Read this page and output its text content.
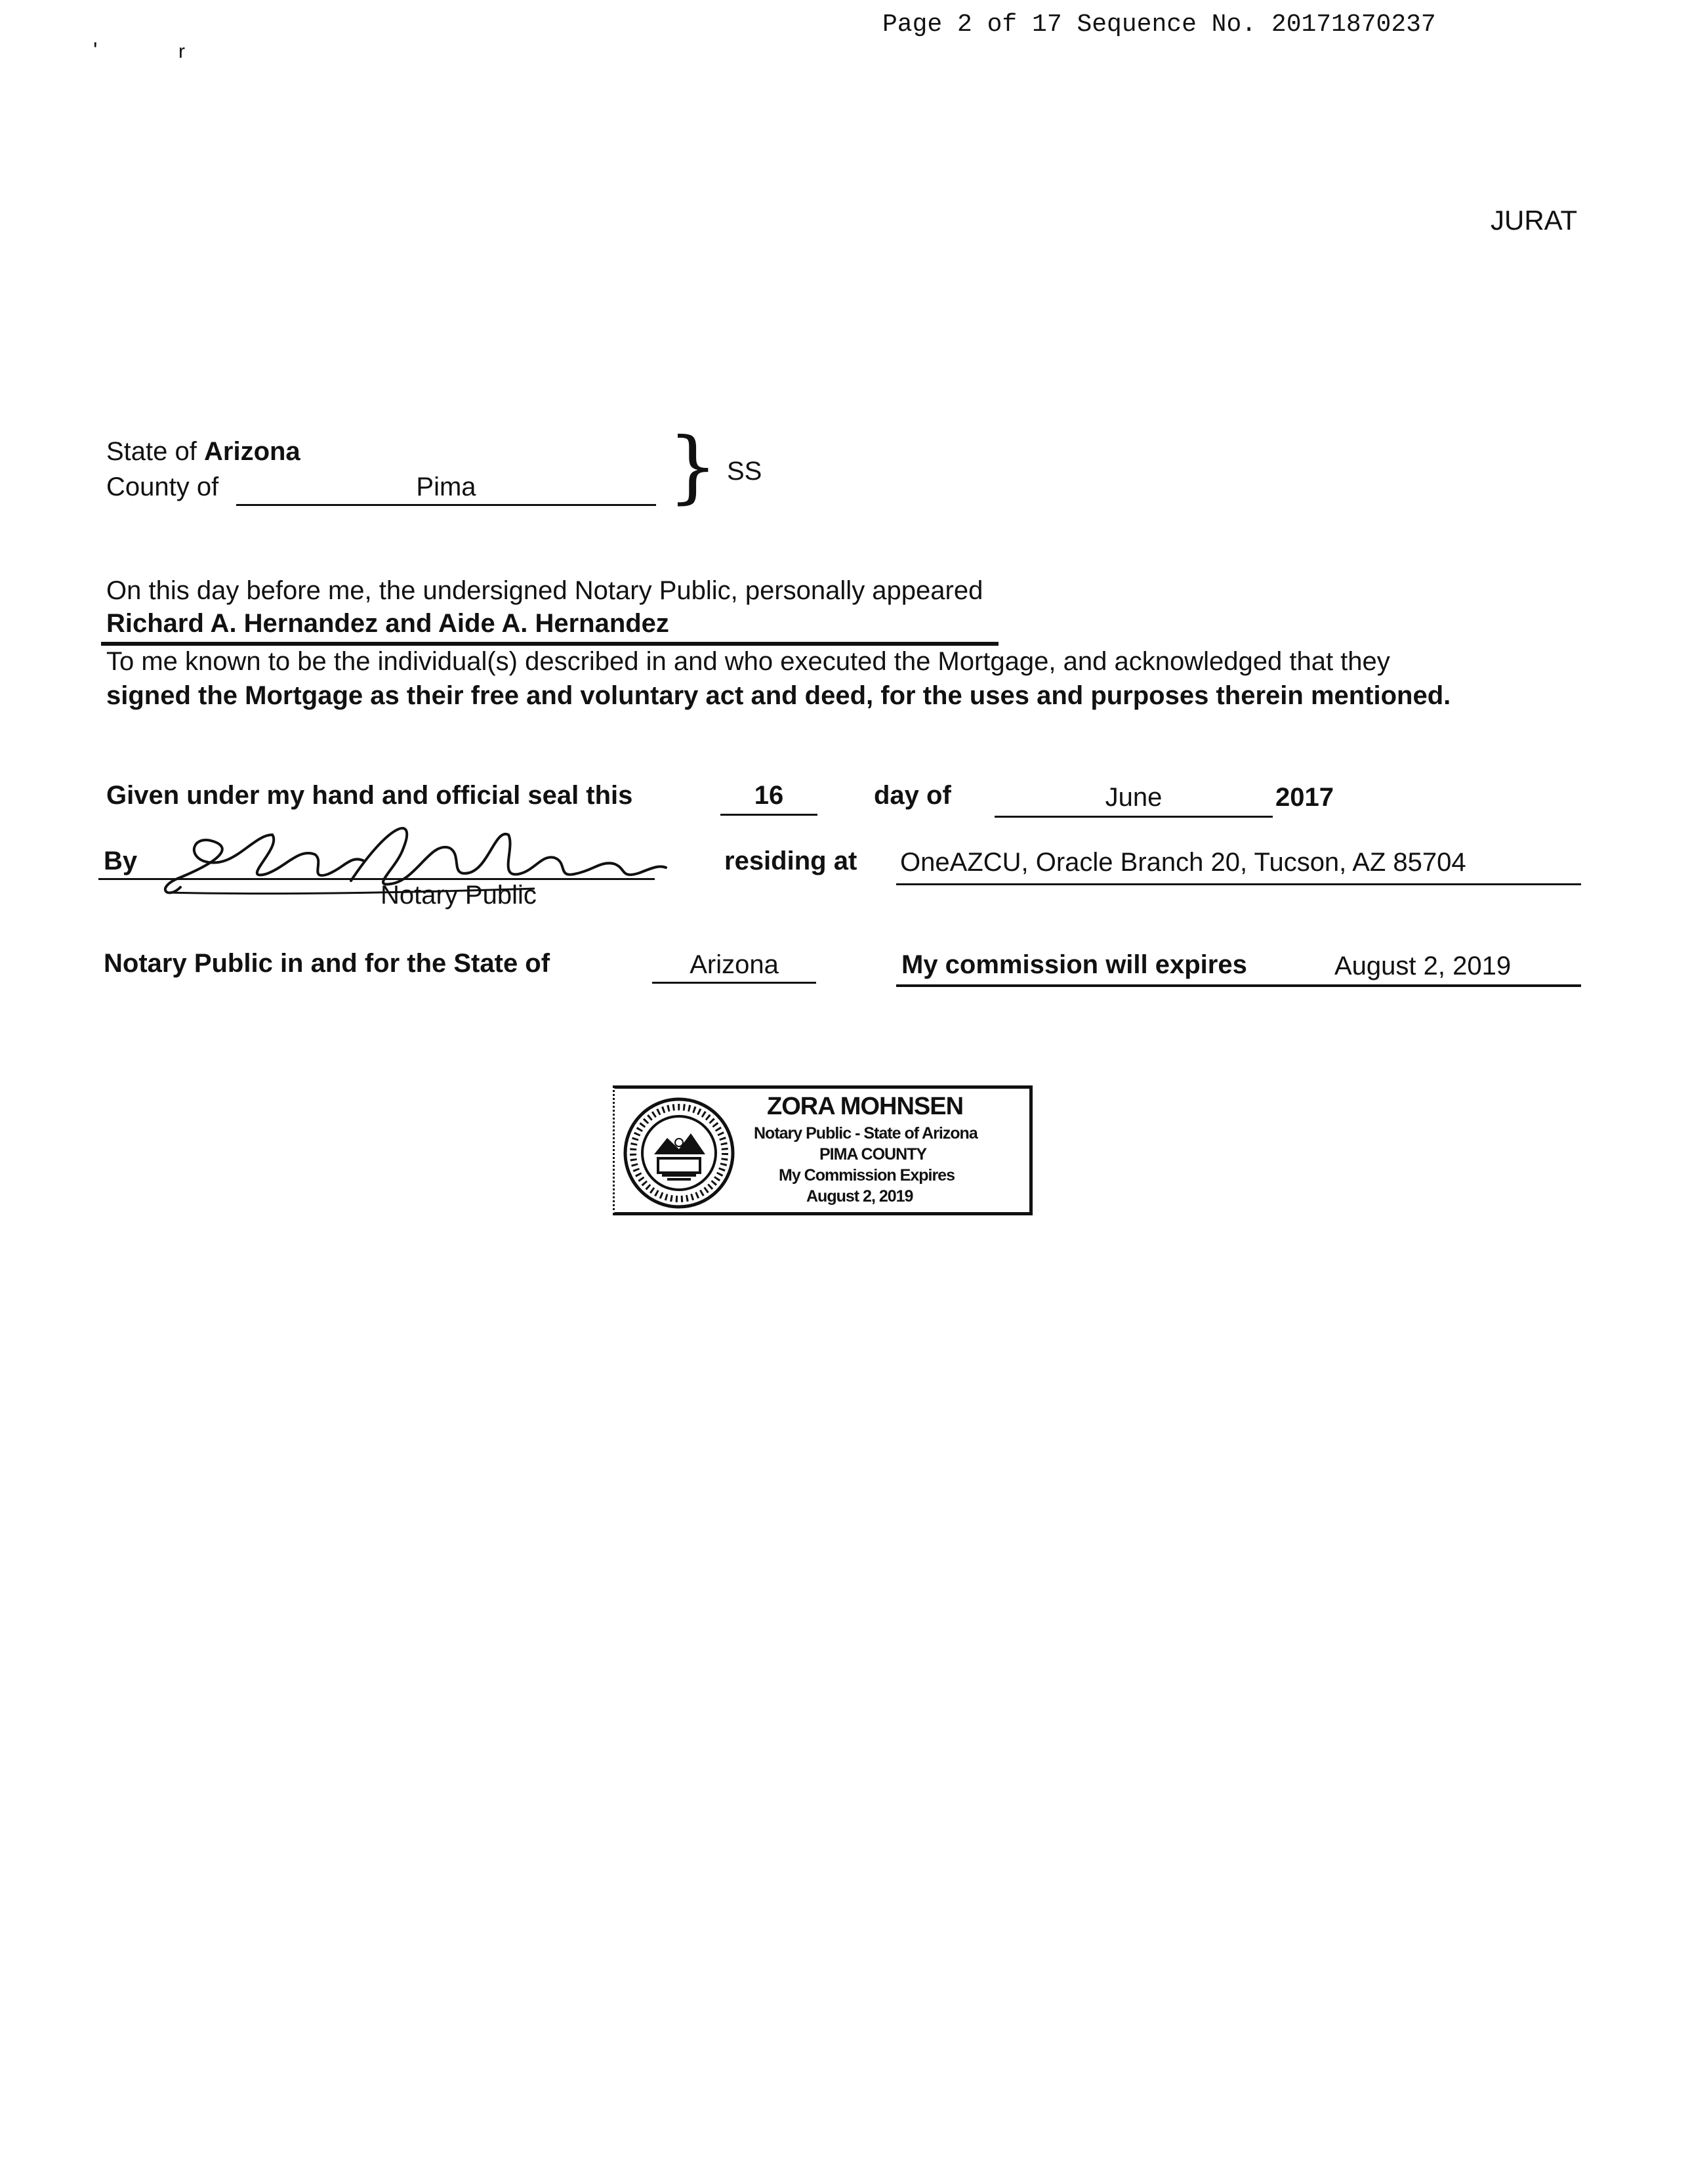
Page 2 of 17 Sequence No. 20171870237
'	r
JURAT
State of Arizona
County of	Pima	} SS
On this day before me, the undersigned Notary Public, personally appeared
Richard A. Hernandez and Aide A. Hernandez
To me known to be the individual(s) described in and who executed the Mortgage, and acknowledged that they
signed the Mortgage as their free and voluntary act and deed, for the uses and purposes therein mentioned.
Given under my hand and official seal this	16	day of	June	2017
By
Notary Public
residing at OneAZCU, Oracle Branch 20, Tucson, AZ 85704
Notary Public in and for the State of	Arizona	My commission will expires	August 2, 2019
ZORA MOHNSEN
Notary Public - State of Arizona
PIMA COUNTY
My Commission Expires
August 2, 2019
